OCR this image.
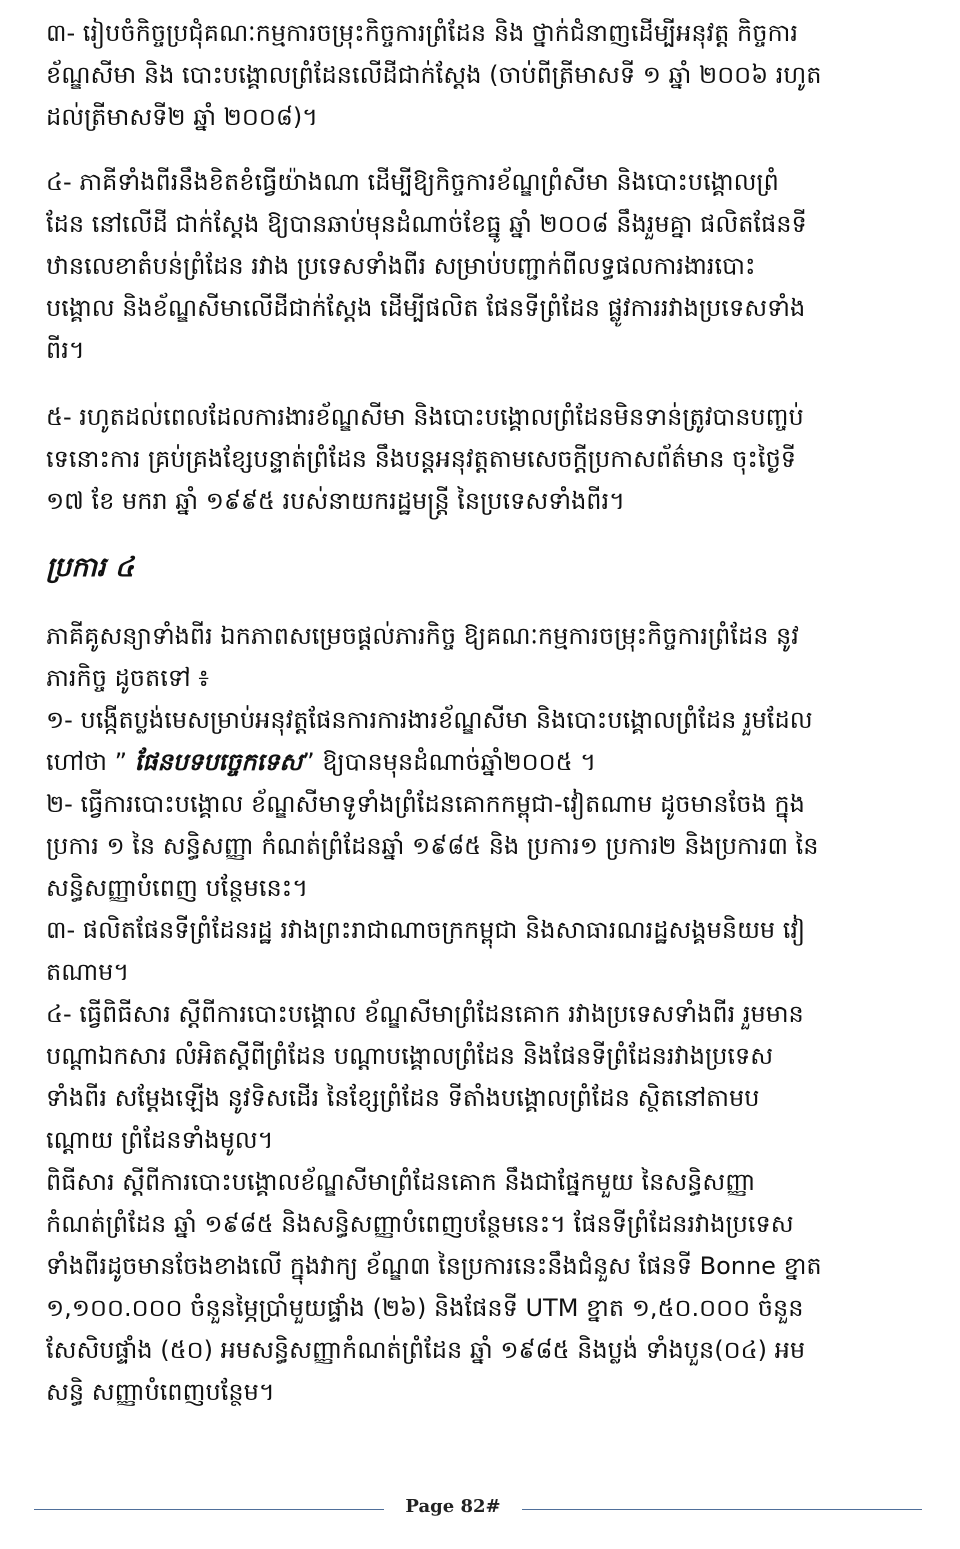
៣- រៀបចំកិច្ចប្រជុំគណៈកម្មការចម្រុះកិច្ចការព្រំដែន និង ថ្នាក់ជំនាញដើម្បីអនុវត្ត កិច្ចការ
ខ័ណ្ឌសីមា និង បោះបង្គោលព្រំដែនលើដីជាក់ស្តែង (ចាប់ពីត្រីមាសទី ១ ឆ្នាំ ២០០៦ រហូត
ដល់ត្រីមាសទី២ ឆ្នាំ ២០០៨)។
៤- ភាគីទាំងពីរនឹងខិតខំធ្វើយ៉ាងណា ដើម្បីឱ្យកិច្ចការខ័ណ្ឌព្រំសីមា និងបោះបង្គោលព្រំ
ដែន នៅលើដី ជាក់ស្តែង ឱ្យបានឆាប់មុនដំណាច់ខែធ្នូ ឆ្នាំ ២០០៨ នឹងរួមគ្នា ផលិតផែនទី
ឋានលេខាតំបន់ព្រំដែន រវាង ប្រទេសទាំងពីរ សម្រាប់បញ្ជាក់ពីលទ្ធផលការងារបោះ
បង្គោល និងខ័ណ្ឌសីមាលើដីជាក់ស្តែង ដើម្បីផលិត ផែនទីព្រំដែន ផ្លូវការរវាងប្រទេសទាំង
ពីរ។
៥- រហូតដល់ពេលដែលការងារខ័ណ្ឌសីមា និងបោះបង្គោលព្រំដែនមិនទាន់ត្រូវបានបញ្ចប់
ទេនោះការ គ្រប់គ្រងខ្សែបន្ទាត់ព្រំដែន នឹងបន្តអនុវត្តតាមសេចក្តីប្រកាសព័ត៌មាន ចុះថ្ងៃទី
១៧ ខែ មករា ឆ្នាំ ១៩៩៥ របស់នាយករដ្ឋមន្ត្រី នៃប្រទេសទាំងពីរ។
ប្រការ ៤
ភាគីគូសន្យាទាំងពីរ ឯកភាពសម្រេចផ្តល់ភារកិច្ច ឱ្យគណៈកម្មការចម្រុះកិច្ចការព្រំដែន នូវ
ភារកិច្ច ដូចតទៅ ៖
១- បង្កើតប្លង់មេសម្រាប់អនុវត្តផែនការការងារខ័ណ្ឌសីមា និងបោះបង្គោលព្រំដែន រួមដែល
ហៅថា ” ផែនបទបច្ចេកទេស” ឱ្យបានមុនដំណាច់ឆ្នាំ២០០៥ ។
២- ធ្វើការបោះបង្គោល ខ័ណ្ឌសីមាទូទាំងព្រំដែនគោកកម្ពុជា-វៀតណាម ដូចមានចែង ក្នុង
ប្រការ ១ នៃ សន្ធិសញ្ញា កំណត់ព្រំដែនឆ្នាំ ១៩៨៥ និង ប្រការ១ ប្រការ២ និងប្រការ៣ នៃ
សន្ធិសញ្ញាបំពេញ បន្ថែមនេះ។
៣- ផលិតផែនទីព្រំដែនរដ្ឋ រវាងព្រះរាជាណាចក្រកម្ពុជា និងសាធារណរដ្ឋសង្គមនិយម វៀ
តណាម។
៤- ធ្វើពិធីសារ ស្តីពីការបោះបង្គោល ខ័ណ្ឌសីមាព្រំដែនគោក រវាងប្រទេសទាំងពីរ រួមមាន
បណ្តាឯកសារ លំអិតស្តីពីព្រំដែន បណ្តាបង្គោលព្រំដែន និងផែនទីព្រំដែនរវាងប្រទេស
ទាំងពីរ សម្តែងឡើង នូវទិសដើរ នៃខ្សែព្រំដែន ទីតាំងបង្គោលព្រំដែន ស្ថិតនៅតាមប
ណ្តោយ ព្រំដែនទាំងមូល។
ពិធីសារ ស្តីពីការបោះបង្គោលខ័ណ្ឌសីមាព្រំដែនគោក នឹងជាផ្នែកមួយ នៃសន្ធិសញ្ញា
កំណត់ព្រំដែន ឆ្នាំ ១៩៨៥ និងសន្ធិសញ្ញាបំពេញបន្ថែមនេះ។ ផែនទីព្រំដែនរវាងប្រទេស
ទាំងពីរដូចមានចែងខាងលើ ក្នុងវាក្យ ខ័ណ្ឌ៣ នៃប្រការនេះនឹងជំនួស ផែនទី Bonne ខ្នាត
១,១០០.០០០ ចំនួនម្ភៃប្រាំមួយផ្ទាំង (២៦) និងផែនទី UTM ខ្នាត ១,៥០.០០០ ចំនួន
សែសិបផ្ទាំង (៥០) អមសន្ធិសញ្ញាកំណត់ព្រំដែន ឆ្នាំ ១៩៨៥ និងប្លង់ ទាំងបួន(០៤) អម
សន្ធិ សញ្ញាបំពេញបន្ថែម។
Page 82#
